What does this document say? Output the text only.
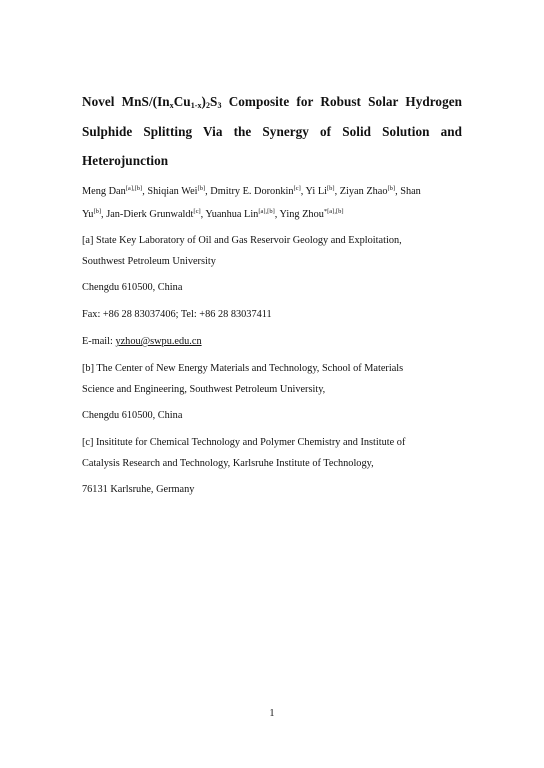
Novel MnS/$(In_xCu_{1-x})_2S_3$ Composite for Robust Solar Hydrogen
Sulphide Splitting Via the Synergy of Solid Solution and
Heterojunction
Meng Dan[a],[b], Shiqian Wei[b], Dmitry E. Doronkin[c], Yi Li[b], Ziyan Zhao[b], Shan
Yu[b], Jan-Dierk Grunwaldt[c], Yuanhua Lin[a],[b], Ying Zhou$^{*[a],[b]}$
[a] State Key Laboratory of Oil and Gas Reservoir Geology and Exploitation,
Southwest Petroleum University
Chengdu 610500, China
Fax: +86 28 83037406; Tel: +86 28 83037411
E-mail: yzhou@swpu.edu.cn
[b] The Center of New Energy Materials and Technology, School of Materials
Science and Engineering, Southwest Petroleum University,
Chengdu 610500, China
[c] Insititute for Chemical Technology and Polymer Chemistry and Institute of
Catalysis Research and Technology, Karlsruhe Institute of Technology,
76131 Karlsruhe, Germany
1
